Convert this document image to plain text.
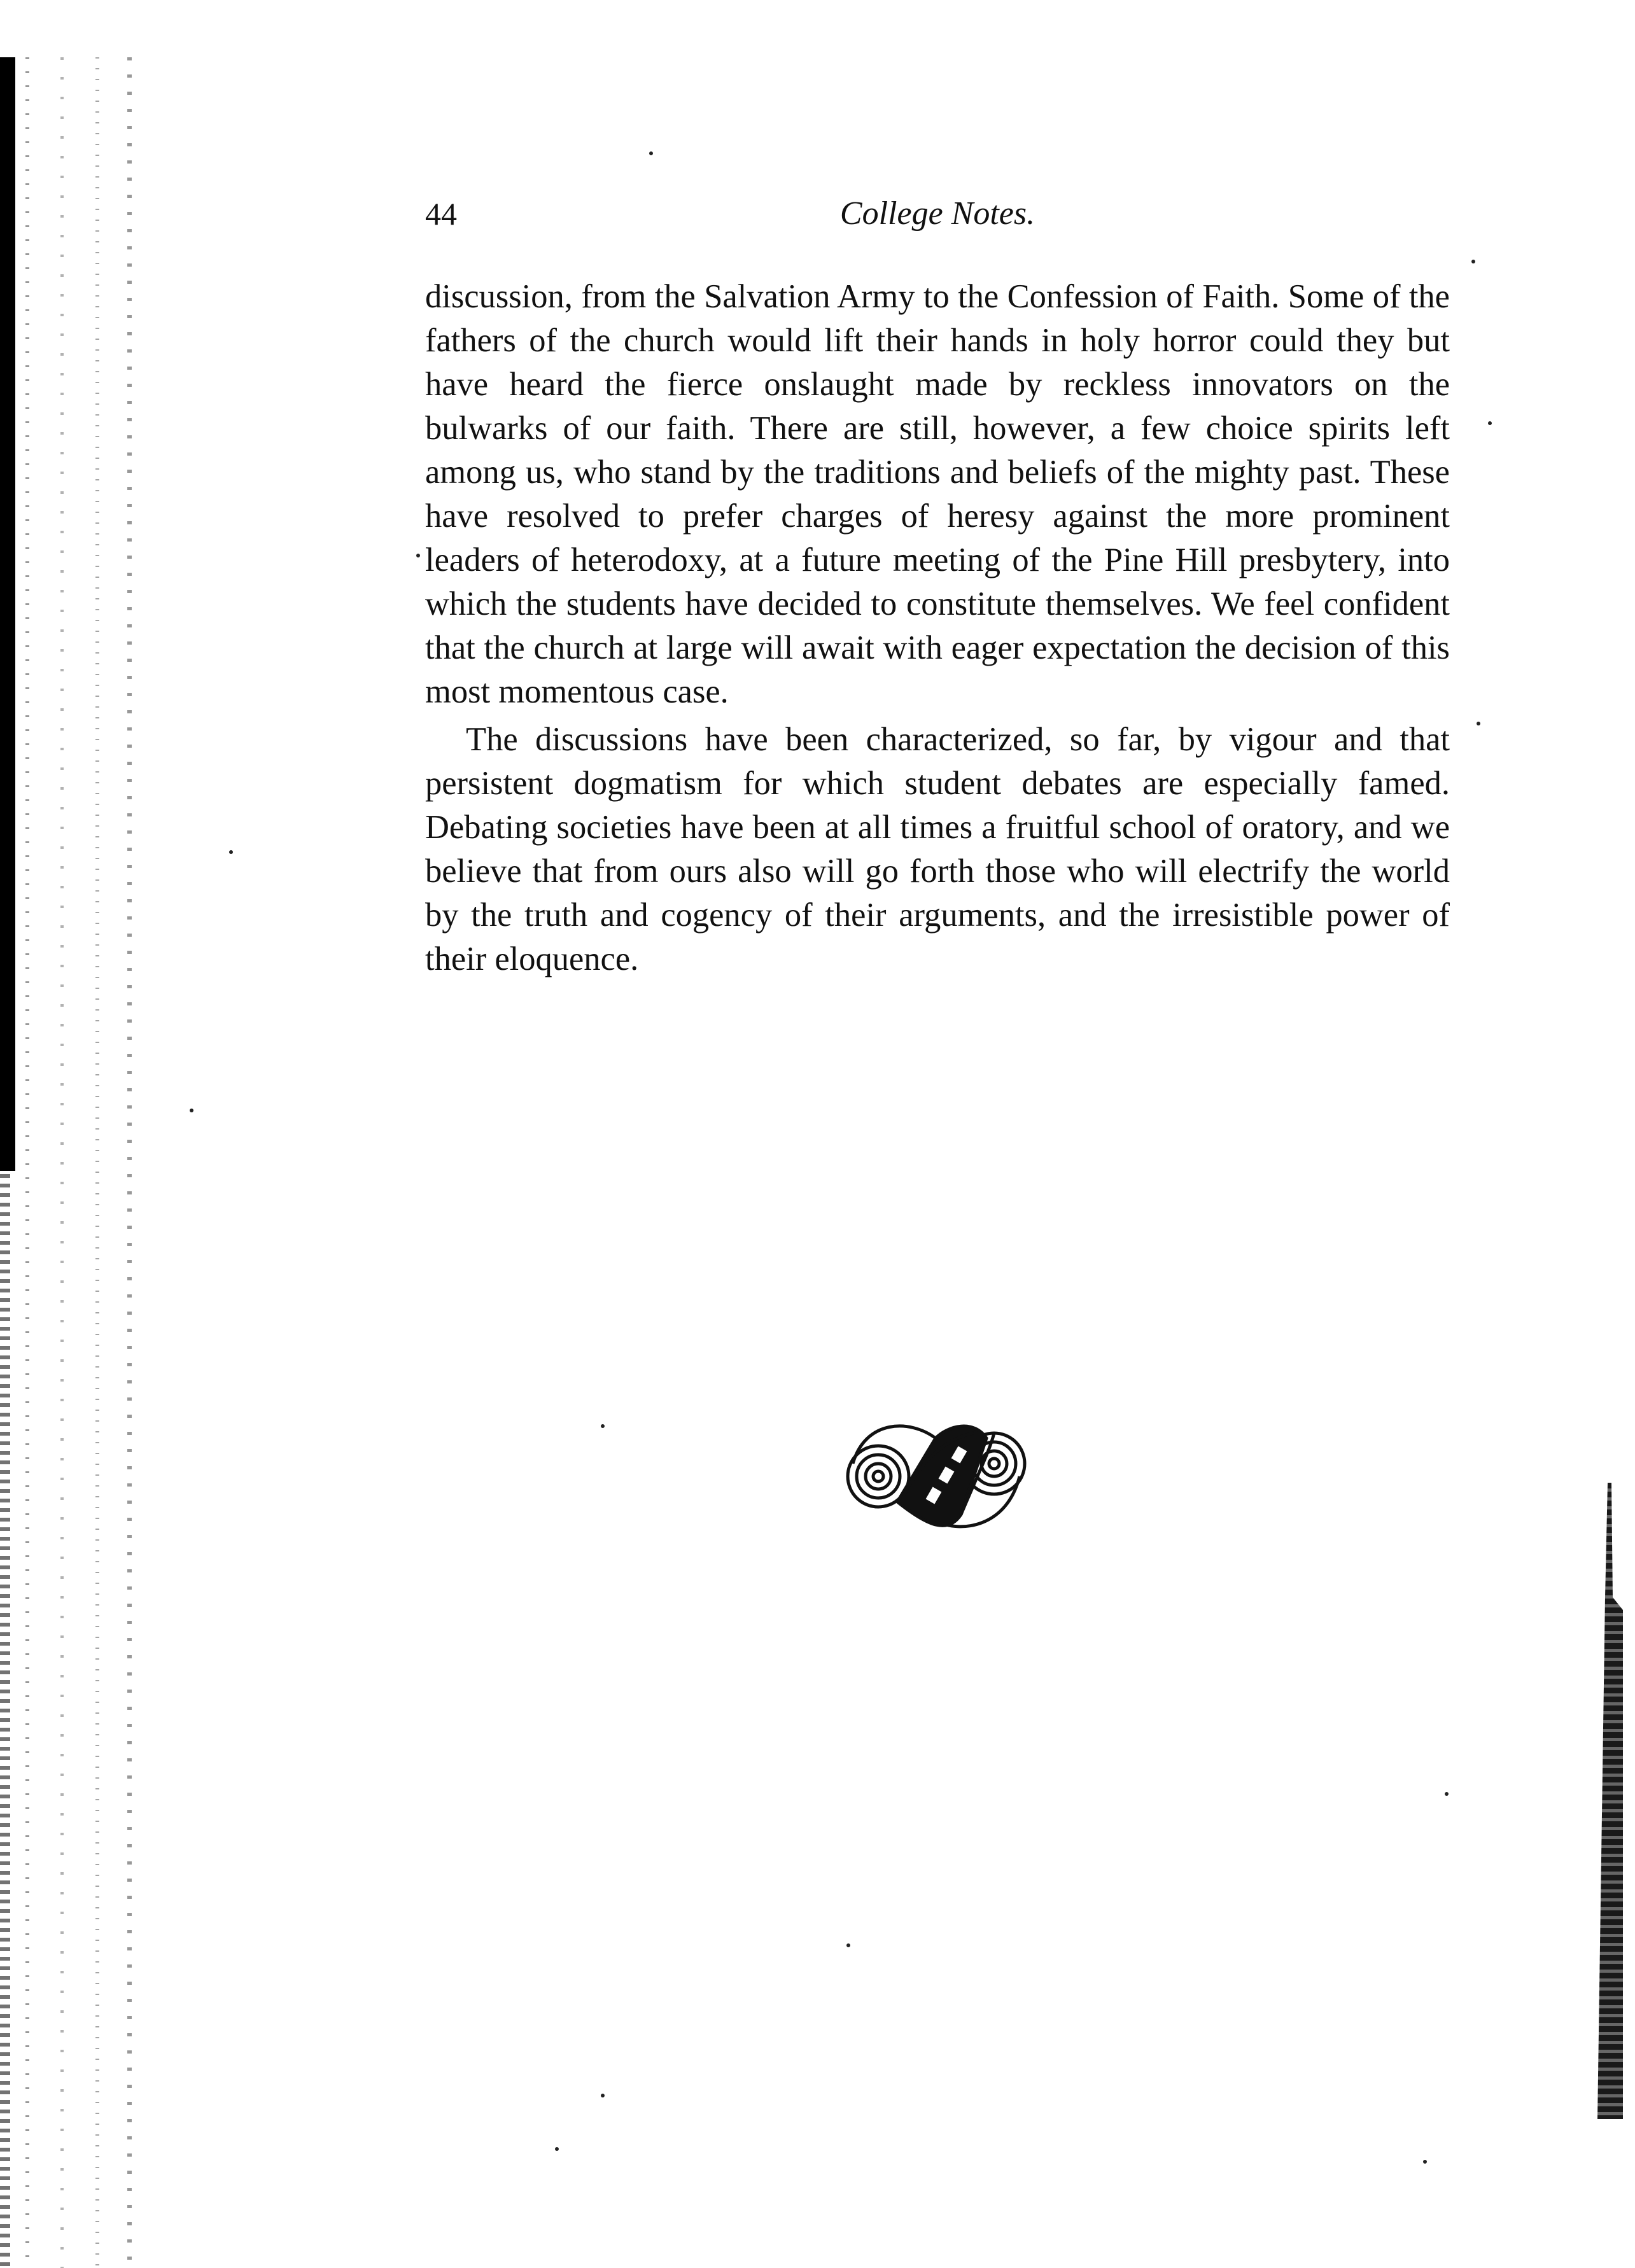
44	College Notes.

discussion, from the Salvation Army to the Confession of Faith. Some of the fathers of the church would lift their hands in holy horror could they but have heard the fierce onslaught made by reckless innovators on the bulwarks of our faith. There are still, however, a few choice spirits left among us, who stand by the traditions and beliefs of the mighty past. These have resolved to prefer charges of heresy against the more prominent leaders of heterodoxy, at a future meeting of the Pine Hill presbytery, into which the students have decided to constitute themselves. We feel confident that the church at large will await with eager expectation the decision of this most momentous case.

The discussions have been characterized, so far, by vigour and that persistent dogmatism for which student debates are especially famed. Debating societies have been at all times a fruitful school of oratory, and we believe that from ours also will go forth those who will electrify the world by the truth and cogency of their arguments, and the irresistible power of their eloquence.
